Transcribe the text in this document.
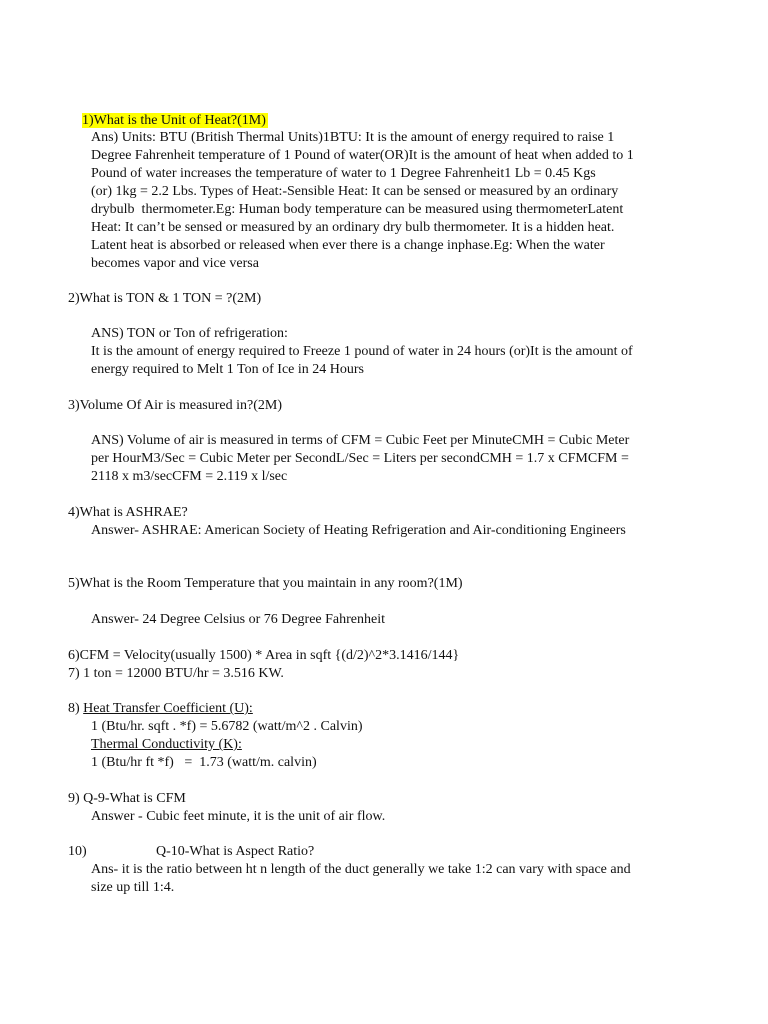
1)What is the Unit of Heat?(1M)

Ans) Units: BTU (British Thermal Units)1BTU: It is the amount of energy required to raise 1
Degree Fahrenheit temperature of 1 Pound of water(OR)It is the amount of heat when added to 1
Pound of water increases the temperature of water to 1 Degree Fahrenheit1 Lb = 0.45 Kgs
(or) 1kg = 2.2 Lbs. Types of Heat:-Sensible Heat: It can be sensed or measured by an ordinary
drybulb  thermometer.Eg: Human body temperature can be measured using thermometerLatent
Heat: It can’t be sensed or measured by an ordinary dry bulb thermometer. It is a hidden heat.
Latent heat is absorbed or released when ever there is a change inphase.Eg: When the water
becomes vapor and vice versa
2)What is TON & 1 TON = ?(2M)
ANS) TON or Ton of refrigeration:
It is the amount of energy required to Freeze 1 pound of water in 24 hours (or)It is the amount of
energy required to Melt 1 Ton of Ice in 24 Hours
3)Volume Of Air is measured in?(2M)
ANS) Volume of air is measured in terms of CFM = Cubic Feet per MinuteCMH = Cubic Meter
per HourM3/Sec = Cubic Meter per SecondL/Sec = Liters per secondCMH = 1.7 x CFMCFM =
2118 x m3/secCFM = 2.119 x l/sec
4)What is ASHRAE?
Answer- ASHRAE: American Society of Heating Refrigeration and Air-conditioning Engineers
5)What is the Room Temperature that you maintain in any room?(1M)
Answer- 24 Degree Celsius or 76 Degree Fahrenheit
6)CFM = Velocity(usually 1500) * Area in sqft {(d/2)^2*3.1416/144}
7) 1 ton = 12000 BTU/hr = 3.516 KW.
8) Heat Transfer Coefficient (U):
1 (Btu/hr. sqft . *f) = 5.6782 (watt/m^2 . Calvin)
Thermal Conductivity (K):
1 (Btu/hr ft *f)   =  1.73 (watt/m. calvin)
9) Q-9-What is CFM
Answer - Cubic feet minute, it is the unit of air flow.
10)	Q-10-What is Aspect Ratio?
Ans- it is the ratio between ht n length of the duct generally we take 1:2 can vary with space and
size up till 1:4.
